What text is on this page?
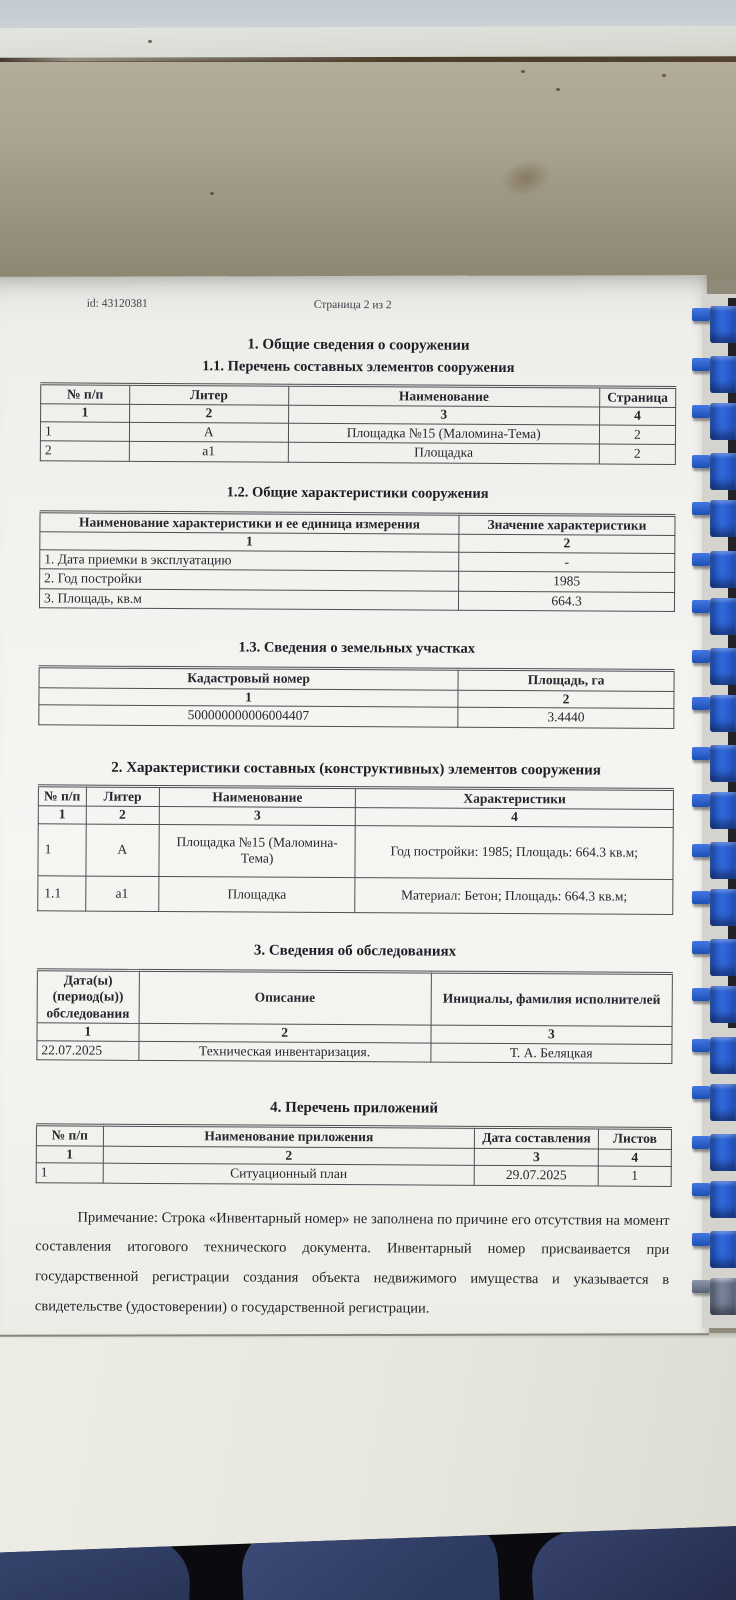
id: 43120381	Страница 2 из 2
1. Общие сведения о сооружении
1.1. Перечень составных элементов сооружения
№ п/п	Литер	Наименование	Страница
1	2	3	4
1	А	Площадка №15 (Маломина-Тема)	2
2	а1	Площадка	2
1.2. Общие характеристики сооружения
Наименование характеристики и ее единица измерения	Значение характеристики
1	2
1. Дата приемки в эксплуатацию	-
2. Год постройки	1985
3. Площадь, кв.м	664.3
1.3. Сведения о земельных участках
Кадастровый номер	Площадь, га
1	2
500000000006004407	3.4440
2. Характеристики составных (конструктивных) элементов сооружения
№ п/п	Литер	Наименование	Характеристики
1	2	3	4
1	А	Площадка №15 (Маломина-Тема)	Год постройки: 1985; Площадь: 664.3 кв.м;
1.1	а1	Площадка	Материал: Бетон; Площадь: 664.3 кв.м;
3. Сведения об обследованиях
Дата(ы) (период(ы)) обследования	Описание	Инициалы, фамилия исполнителей
1	2	3
22.07.2025	Техническая инвентаризация.	Т. А. Беляцкая
4. Перечень приложений
№ п/п	Наименование приложения	Дата составления	Листов
1	2	3	4
1	Ситуационный план	29.07.2025	1

Примечание: Строка «Инвентарный номер» не заполнена по причине его отсутствия на момент составления итогового технического документа. Инвентарный номер присваивается при государственной регистрации создания объекта недвижимого имущества и указывается в свидетельстве (удостоверении) о государственной регистрации.
